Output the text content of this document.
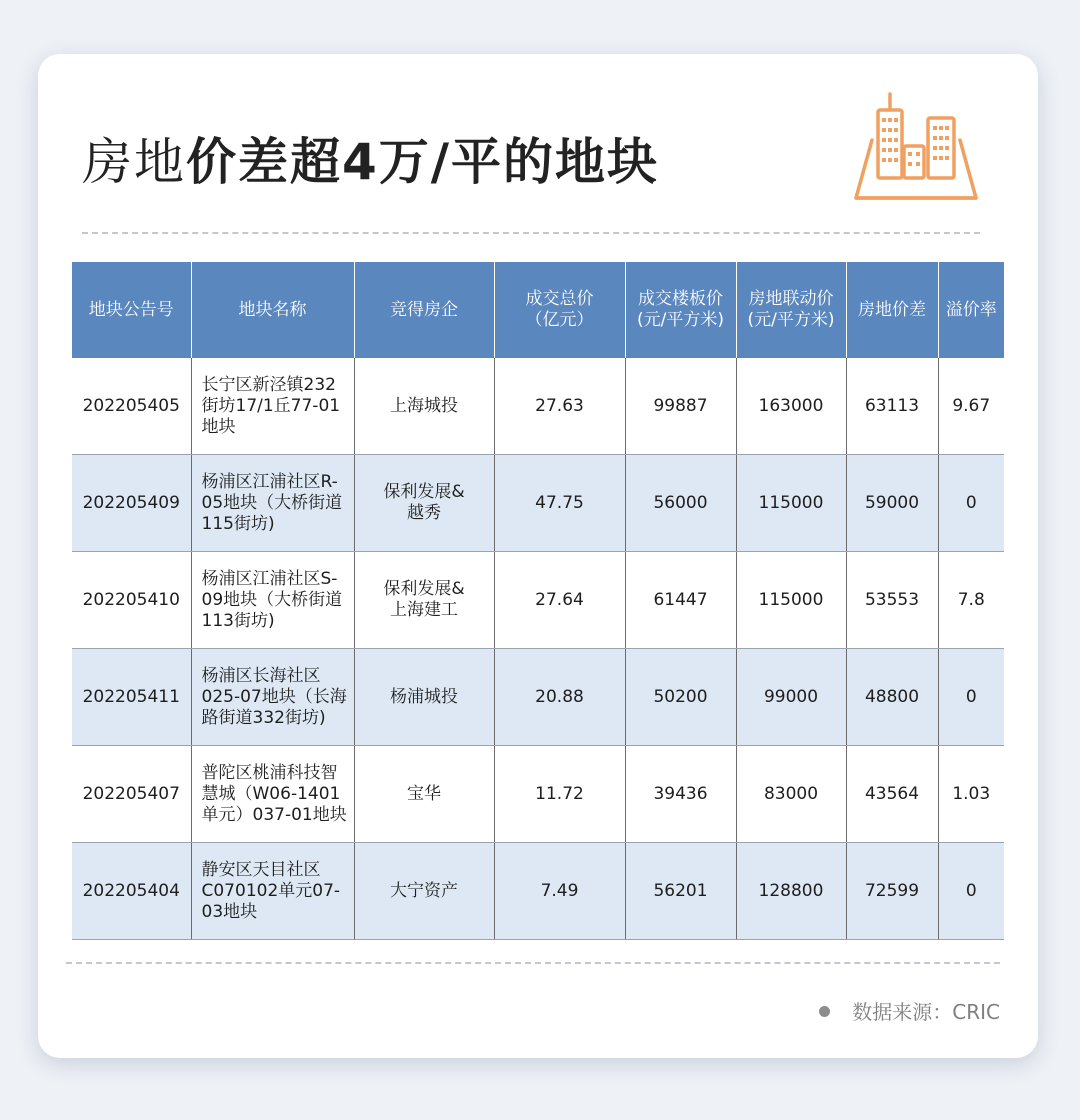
房地价差超4万/平的地块
地块公告号	地块名称	竞得房企	成交总价
（亿元）	成交楼板价
(元/平方米)	房地联动价
(元/平方米)	房地价差	溢价率
202205405	长宁区新泾镇232
街坊17/1丘77-01
地块	上海城投	27.63	99887	163000	63113	9.67
202205409	杨浦区江浦社区R-
05地块（大桥街道
115街坊)	保利发展&
越秀	47.75	56000	115000	59000	0
202205410	杨浦区江浦社区S-
09地块（大桥街道
113街坊)	保利发展&
上海建工	27.64	61447	115000	53553	7.8
202205411	杨浦区长海社区
025-07地块（长海
路街道332街坊)	杨浦城投	20.88	50200	99000	48800	0
202205407	普陀区桃浦科技智
慧城（W06-1401
单元）037-01地块	宝华	11.72	39436	83000	43564	1.03
202205404	静安区天目社区
C070102单元07-
03地块	大宁资产	7.49	56201	128800	72599	0
数据来源：CRIC
